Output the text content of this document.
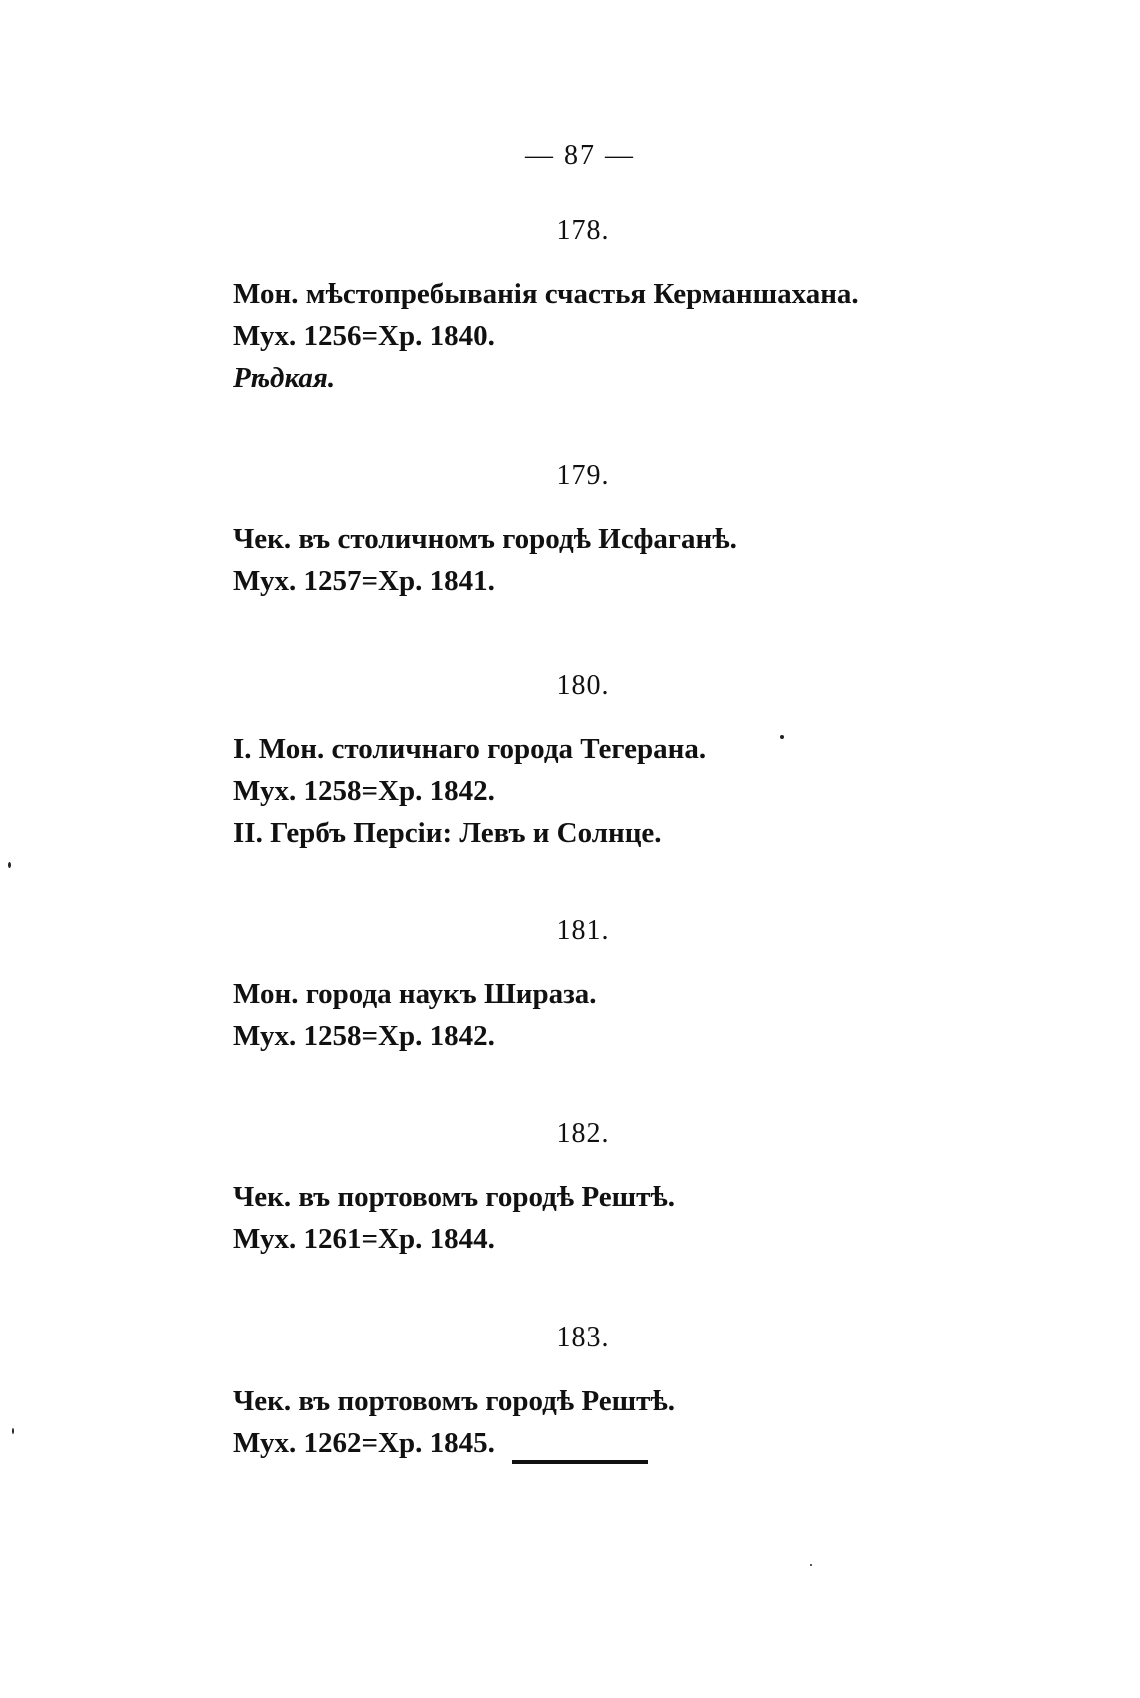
— 87 —
178.
Мон. мѣстопребыванія счастья Керманшахана.
Мух. 1256=Хр. 1840.
Рѣдкая.
179.
Чек. въ столичномъ городѣ Исфаганѣ.
Мух. 1257=Хр. 1841.
180.
I. Мон. столичнаго города Тегерана.
Мух. 1258=Хр. 1842.
II. Гербъ Персіи: Левъ и Солнце.
181.
Мон. города наукъ Шираза.
Мух. 1258=Хр. 1842.
182.
Чек. въ портовомъ городѣ Рештѣ.
Мух. 1261=Хр. 1844.
183.
Чек. въ портовомъ городѣ Рештѣ.
Мух. 1262=Хр. 1845.
